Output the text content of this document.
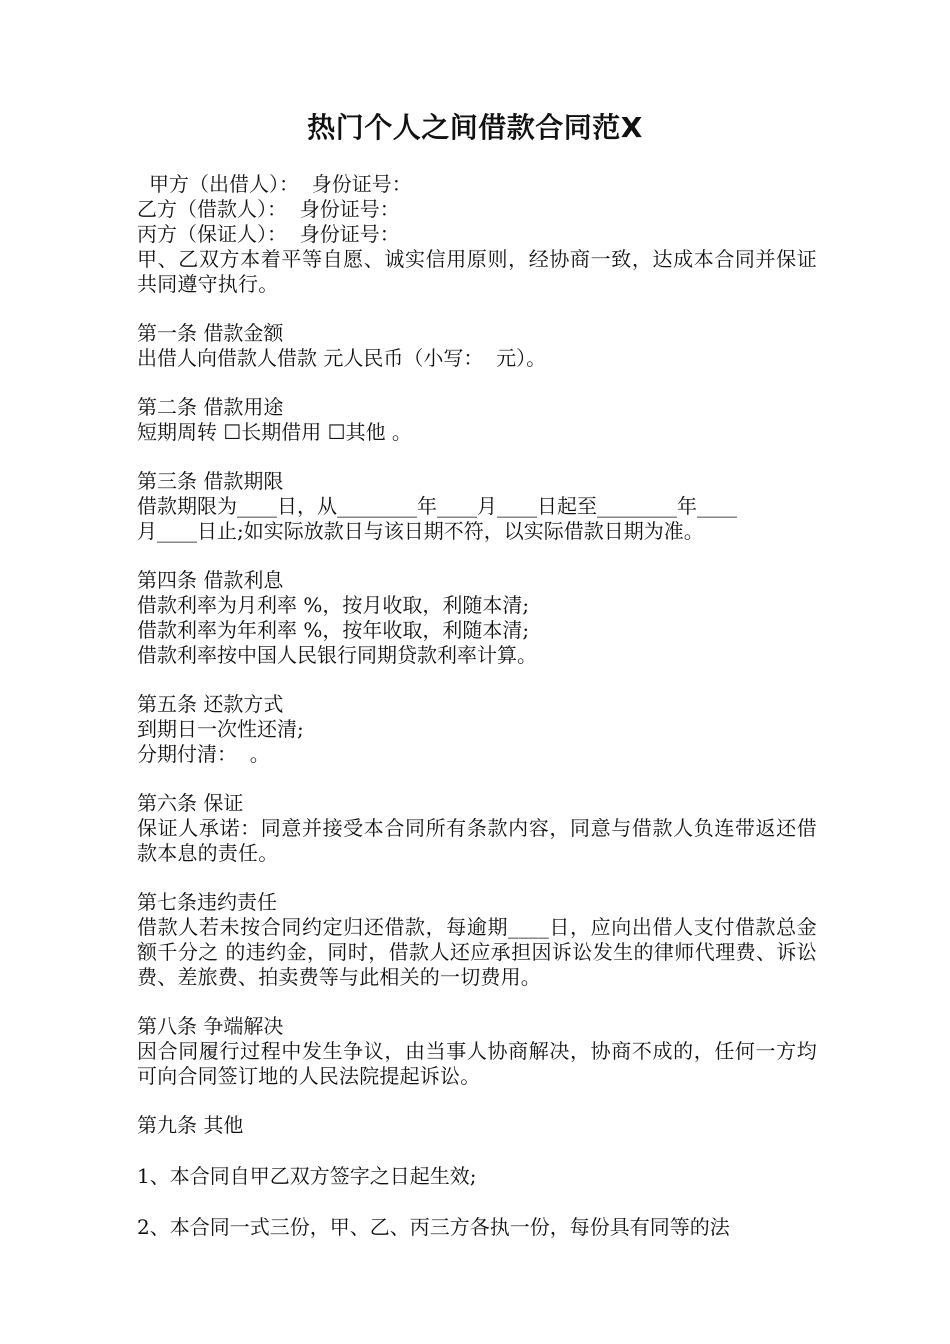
热门个人之间借款合同范X
甲方（出借人）：  身份证号：
乙方（借款人）：  身份证号：
丙方（保证人）：  身份证号：
甲、乙双方本着平等自愿、诚实信用原则，经协商一致，达成本合同并保证共同遵守执行。
第一条 借款金额
出借人向借款人借款 元人民币（小写：  元）。
第二条 借款用途
短期周转 ☐长期借用 ☐其他 。
第三条 借款期限
借款期限为____日，从________年____月____日起至________年____
月____日止;如实际放款日与该日期不符，以实际借款日期为准。
第四条 借款利息
借款利率为月利率 %，按月收取，利随本清;
借款利率为年利率 %，按年收取，利随本清;
借款利率按中国人民银行同期贷款利率计算。
第五条 还款方式
到期日一次性还清;
分期付清：  。
第六条 保证
保证人承诺：同意并接受本合同所有条款内容，同意与借款人负连带返还借款本息的责任。
第七条违约责任
借款人若未按合同约定归还借款，每逾期____日，应向出借人支付借款总金额千分之 的违约金，同时，借款人还应承担因诉讼发生的律师代理费、诉讼费、差旅费、拍卖费等与此相关的一切费用。
第八条 争端解决
因合同履行过程中发生争议，由当事人协商解决，协商不成的，任何一方均可向合同签订地的人民法院提起诉讼。
第九条 其他
1、本合同自甲乙双方签字之日起生效;
2、本合同一式三份，甲、乙、丙三方各执一份，每份具有同等的法
